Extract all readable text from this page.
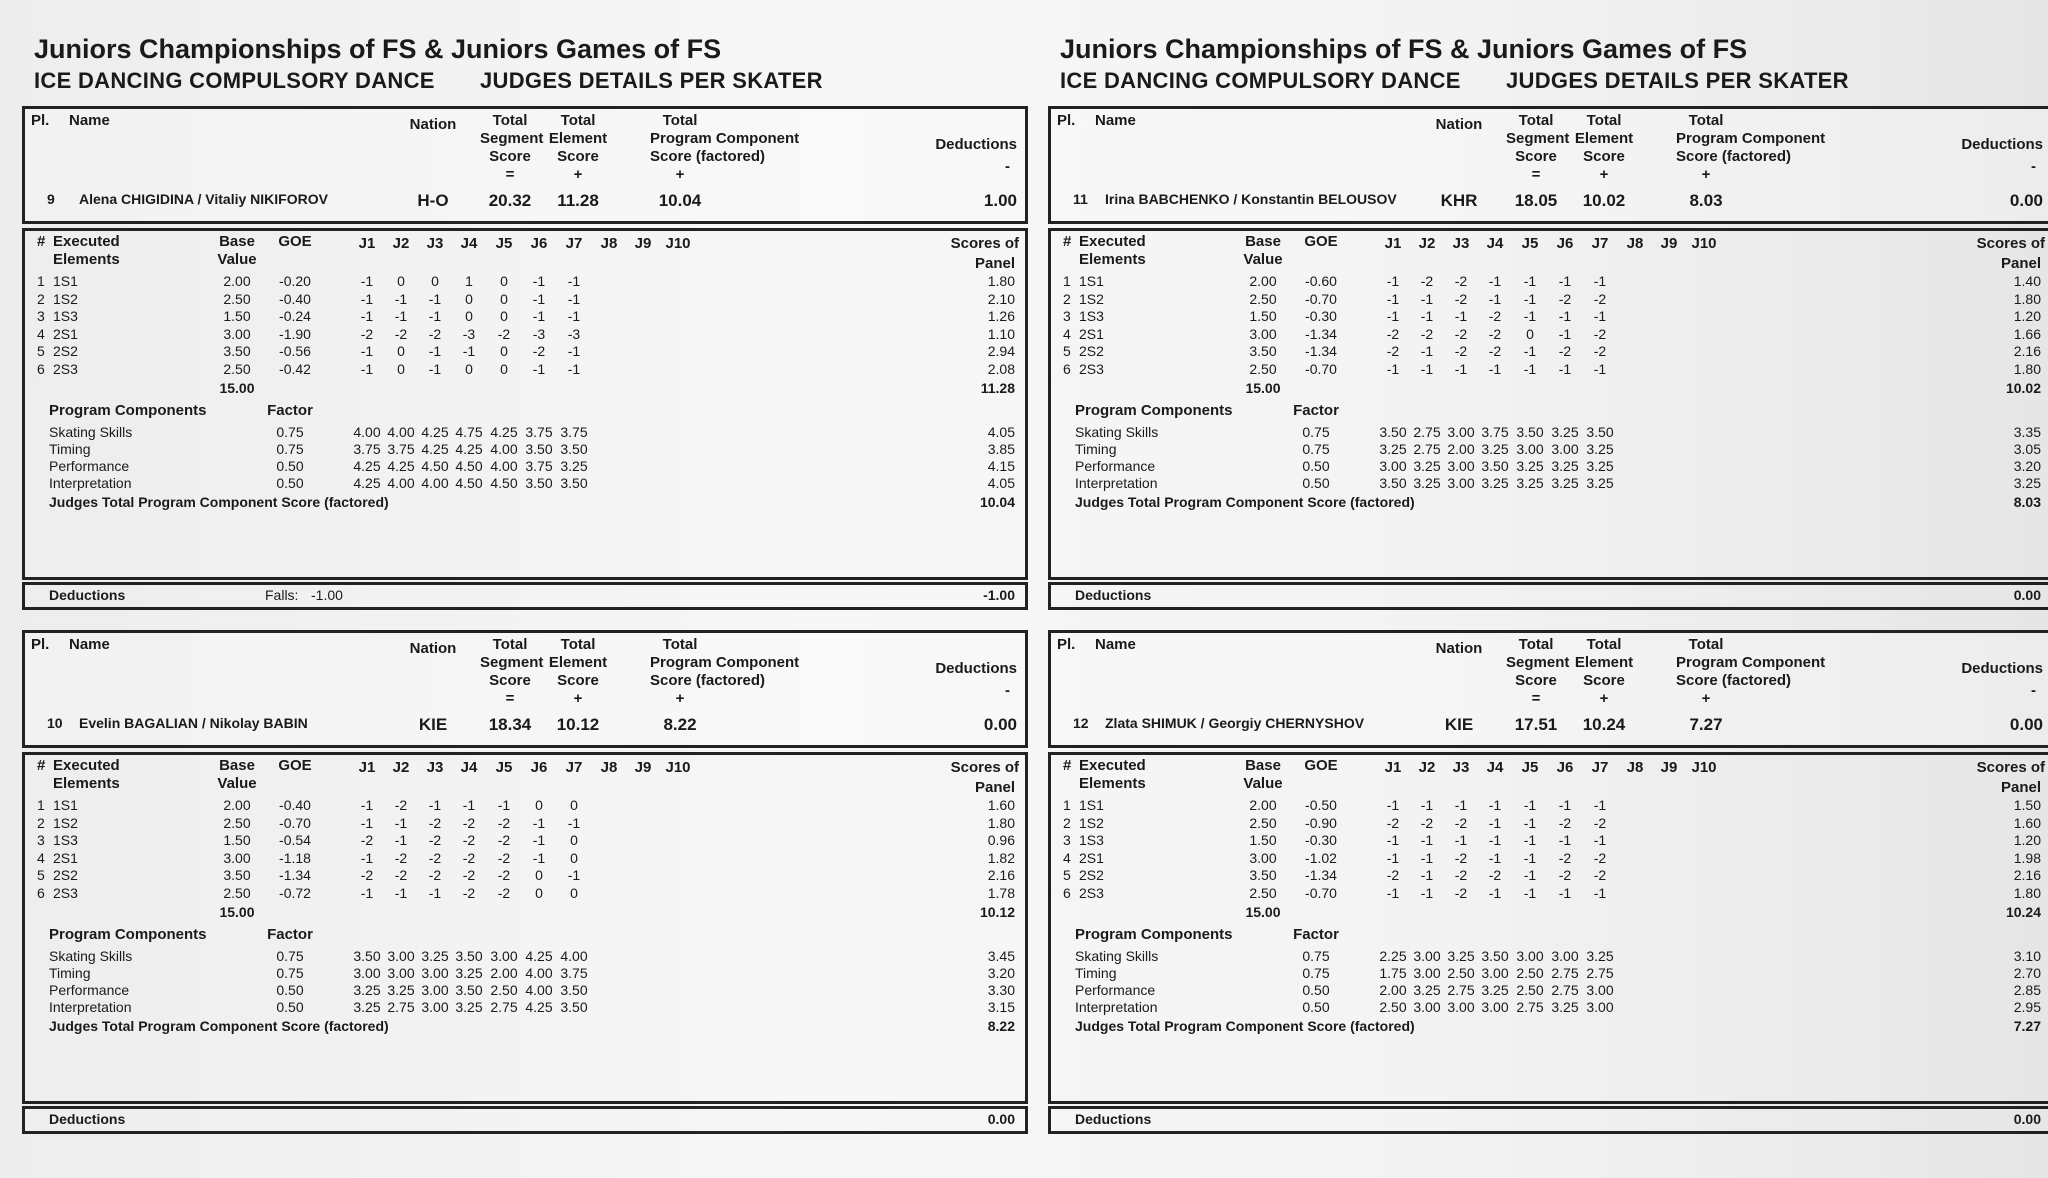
Juniors Championships of FS & Juniors Games of FS
ICE DANCING COMPULSORY DANCE JUDGES DETAILS PER SKATER
Pl. Name	Nation	Total
Segment
Score
=
Total
Element
Score
+
Total
Program Component
Score (factored)
+
Deductions
-
9 Alena CHIGIDINA / Vitaliy NIKIFOROV	H-O	20.32	11.28	10.04	1.00
# Executed
Elements
Base
Value
GOE	J1	J2	J3	J4	J5	J6	J7	J8	J9 J10	Scores of
Panel
1 1S1	2.00	-0.20	-1	0	0	1	0	-1	-1	1.80
2 1S2	2.50	-0.40	-1	-1	-1	0	0	-1	-1	2.10
3 1S3	1.50	-0.24	-1	-1	-1	0	0	-1	-1	1.26
4 2S1	3.00	-1.90	-2	-2	-2	-3	-2	-3	-3	1.10
5 2S2	3.50	-0.56	-1	0	-1	-1	0	-2	-1	2.94
6 2S3	2.50	-0.42	-1	0	-1	0	0	-1	-1	2.08
15.00	11.28
Program Components	Factor
Skating Skills	0.75	4.00 4.00 4.25 4.75 4.25 3.75 3.75	4.05
Timing	0.75	3.75 3.75 4.25 4.25 4.00 3.50 3.50	3.85
Performance	0.50	4.25 4.25 4.50 4.50 4.00 3.75 3.25	4.15
Interpretation	0.50	4.25 4.00 4.00 4.50 4.50 3.50 3.50	4.05
Judges Total Program Component Score (factored)	10.04
Deductions	Falls: -1.00	-1.00
Pl. Name	Nation	Total
Segment
Score
=
Total
Element
Score
+
Total
Program Component
Score (factored)
+
Deductions
-
10 Evelin BAGALIAN / Nikolay BABIN	KIE	18.34	10.12	8.22	0.00
# Executed
Elements
Base
Value
GOE	J1	J2	J3	J4	J5	J6	J7	J8	J9 J10	Scores of
Panel
1 1S1	2.00	-0.40	-1	-2	-1	-1	-1	0	0	1.60
2 1S2	2.50	-0.70	-1	-1	-2	-2	-2	-1	-1	1.80
3 1S3	1.50	-0.54	-2	-1	-2	-2	-2	-1	0	0.96
4 2S1	3.00	-1.18	-1	-2	-2	-2	-2	-1	0	1.82
5 2S2	3.50	-1.34	-2	-2	-2	-2	-2	0	-1	2.16
6 2S3	2.50	-0.72	-1	-1	-1	-2	-2	0	0	1.78
15.00	10.12
Program Components	Factor
Skating Skills	0.75	3.50 3.00 3.25 3.50 3.00 4.25 4.00	3.45
Timing	0.75	3.00 3.00 3.00 3.25 2.00 4.00 3.75	3.20
Performance	0.50	3.25 3.25 3.00 3.50 2.50 4.00 3.50	3.30
Interpretation	0.50	3.25 2.75 3.00 3.25 2.75 4.25 3.50	3.15
Judges Total Program Component Score (factored)	8.22
Deductions	0.00
Juniors Championships of FS & Juniors Games of FS
ICE DANCING COMPULSORY DANCE JUDGES DETAILS PER SKATER
Pl. Name	Nation	Total
Segment
Score
=
Total
Element
Score
+
Total
Program Component
Score (factored)
+
Deductions
-
11 Irina BABCHENKO / Konstantin BELOUSOV	KHR	18.05	10.02	8.03	0.00
# Executed
Elements
Base
Value
GOE	J1	J2	J3	J4	J5	J6	J7	J8	J9 J10	Scores of
Panel
1 1S1	2.00	-0.60	-1	-2	-2	-1	-1	-1	-1	1.40
2 1S2	2.50	-0.70	-1	-1	-2	-1	-1	-2	-2	1.80
3 1S3	1.50	-0.30	-1	-1	-1	-2	-1	-1	-1	1.20
4 2S1	3.00	-1.34	-2	-2	-2	-2	0	-1	-2	1.66
5 2S2	3.50	-1.34	-2	-1	-2	-2	-1	-2	-2	2.16
6 2S3	2.50	-0.70	-1	-1	-1	-1	-1	-1	-1	1.80
15.00	10.02
Program Components	Factor
Skating Skills	0.75	3.50 2.75 3.00 3.75 3.50 3.25 3.50	3.35
Timing	0.75	3.25 2.75 2.00 3.25 3.00 3.00 3.25	3.05
Performance	0.50	3.00 3.25 3.00 3.50 3.25 3.25 3.25	3.20
Interpretation	0.50	3.50 3.25 3.00 3.25 3.25 3.25 3.25	3.25
Judges Total Program Component Score (factored)	8.03
Deductions	0.00
Pl. Name	Nation	Total
Segment
Score
=
Total
Element
Score
+
Total
Program Component
Score (factored)
+
Deductions
-
12 Zlata SHIMUK / Georgiy CHERNYSHOV	KIE	17.51	10.24	7.27	0.00
# Executed
Elements
Base
Value
GOE	J1	J2	J3	J4	J5	J6	J7	J8	J9 J10	Scores of
Panel
1 1S1	2.00	-0.50	-1	-1	-1	-1	-1	-1	-1	1.50
2 1S2	2.50	-0.90	-2	-2	-2	-1	-1	-2	-2	1.60
3 1S3	1.50	-0.30	-1	-1	-1	-1	-1	-1	-1	1.20
4 2S1	3.00	-1.02	-1	-1	-2	-1	-1	-2	-2	1.98
5 2S2	3.50	-1.34	-2	-1	-2	-2	-1	-2	-2	2.16
6 2S3	2.50	-0.70	-1	-1	-2	-1	-1	-1	-1	1.80
15.00	10.24
Program Components	Factor
Skating Skills	0.75	2.25 3.00 3.25 3.50 3.00 3.00 3.25	3.10
Timing	0.75	1.75 3.00 2.50 3.00 2.50 2.75 2.75	2.70
Performance	0.50	2.00 3.25 2.75 3.25 2.50 2.75 3.00	2.85
Interpretation	0.50	2.50 3.00 3.00 3.00 2.75 3.25 3.00	2.95
Judges Total Program Component Score (factored)	7.27
Deductions	0.00
